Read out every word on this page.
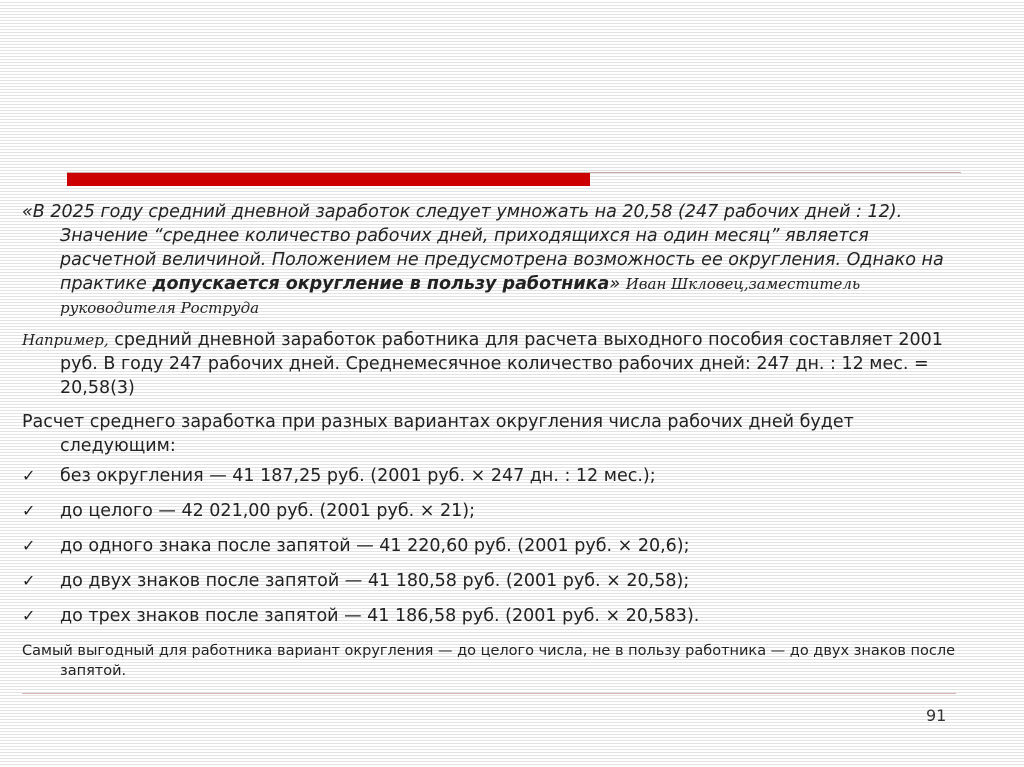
«В 2025 году средний дневной заработок следует умножать на 20,58 (247 рабочих дней : 12). Значение “среднее количество рабочих дней, приходящихся на один месяц” является расчетной величиной. Положением не предусмотрена возможность ее округления. Однако на практике допускается округление в пользу работника» Иван Шкловец,заместитель руководителя Роструда
Например, средний дневной заработок работника для расчета выходного пособия составляет 2001 руб. В году 247 рабочих дней. Среднемесячное количество рабочих дней: 247 дн. : 12 мес. = 20,58(3)
Расчет среднего заработка при разных вариантах округления числа рабочих дней будет следующим:
✓ без округления — 41 187,25 руб. (2001 руб. × 247 дн. : 12 мес.);
✓ до целого — 42 021,00 руб. (2001 руб. × 21);
✓ до одного знака после запятой — 41 220,60 руб. (2001 руб. × 20,6);
✓ до двух знаков после запятой — 41 180,58 руб. (2001 руб. × 20,58);
✓ до трех знаков после запятой — 41 186,58 руб. (2001 руб. × 20,583).
Самый выгодный для работника вариант округления — до целого числа, не в пользу работника — до двух знаков после запятой.
91
